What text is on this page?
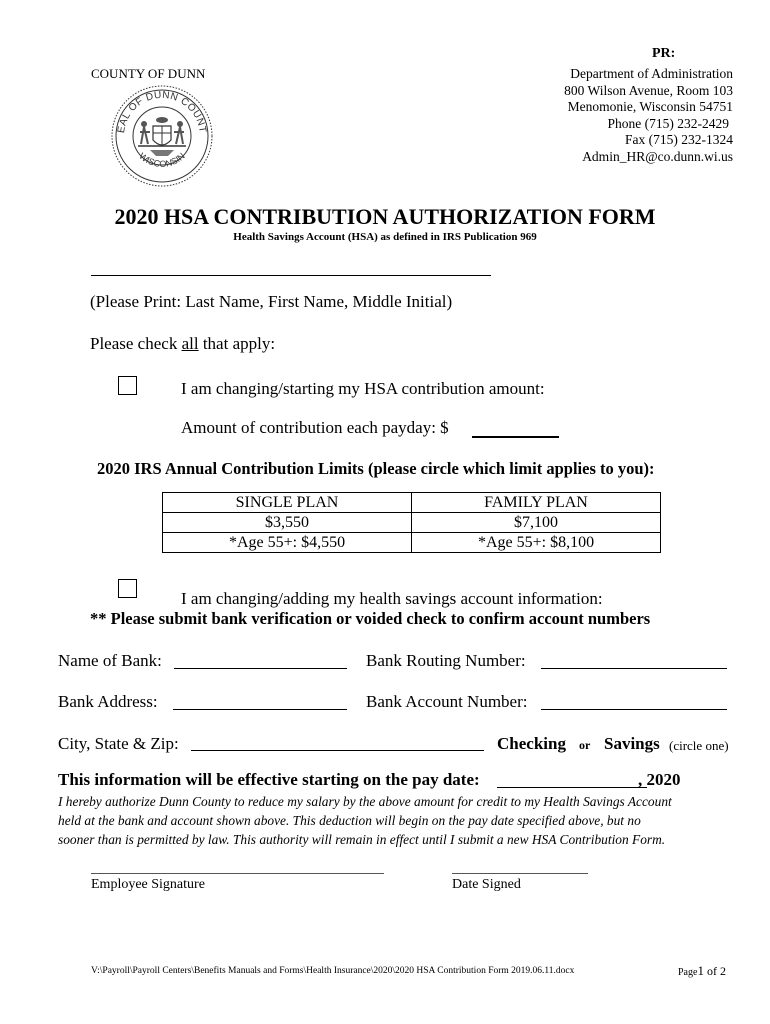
PR:
COUNTY OF DUNN	Department of Administration
800 Wilson Avenue, Room 103
Menomonie, Wisconsin 54751
Phone (715) 232-2429
Fax (715) 232-1324
Admin_HR@co.dunn.wi.us
EAL OF DUNN COUNT
WISCONSIN
2020 HSA CONTRIBUTION AUTHORIZATION FORM
Health Savings Account (HSA) as defined in IRS Publication 969
(Please Print: Last Name, First Name, Middle Initial)
Please check all that apply:
I am changing/starting my HSA contribution amount:
Amount of contribution each payday: $
2020 IRS Annual Contribution Limits (please circle which limit applies to you):
SINGLE PLAN	FAMILY PLAN
$3,550	$7,100
*Age 55+: $4,550	*Age 55+: $8,100
I am changing/adding my health savings account information:
** Please submit bank verification or voided check to confirm account numbers
Name of Bank:	Bank Routing Number:
Bank Address:	Bank Account Number:
City, State & Zip:	Checking or Savings (circle one)
This information will be effective starting on the pay date:	, 2020
I hereby authorize Dunn County to reduce my salary by the above amount for credit to my Health Savings Account
held at the bank and account shown above. This deduction will begin on the pay date specified above, but no
sooner than is permitted by law. This authority will remain in effect until I submit a new HSA Contribution Form.
Employee Signature	Date Signed
V:\Payroll\Payroll Centers\Benefits Manuals and Forms\Health Insurance\2020\2020 HSA Contribution Form 2019.06.11.docx	Page1 of 2
